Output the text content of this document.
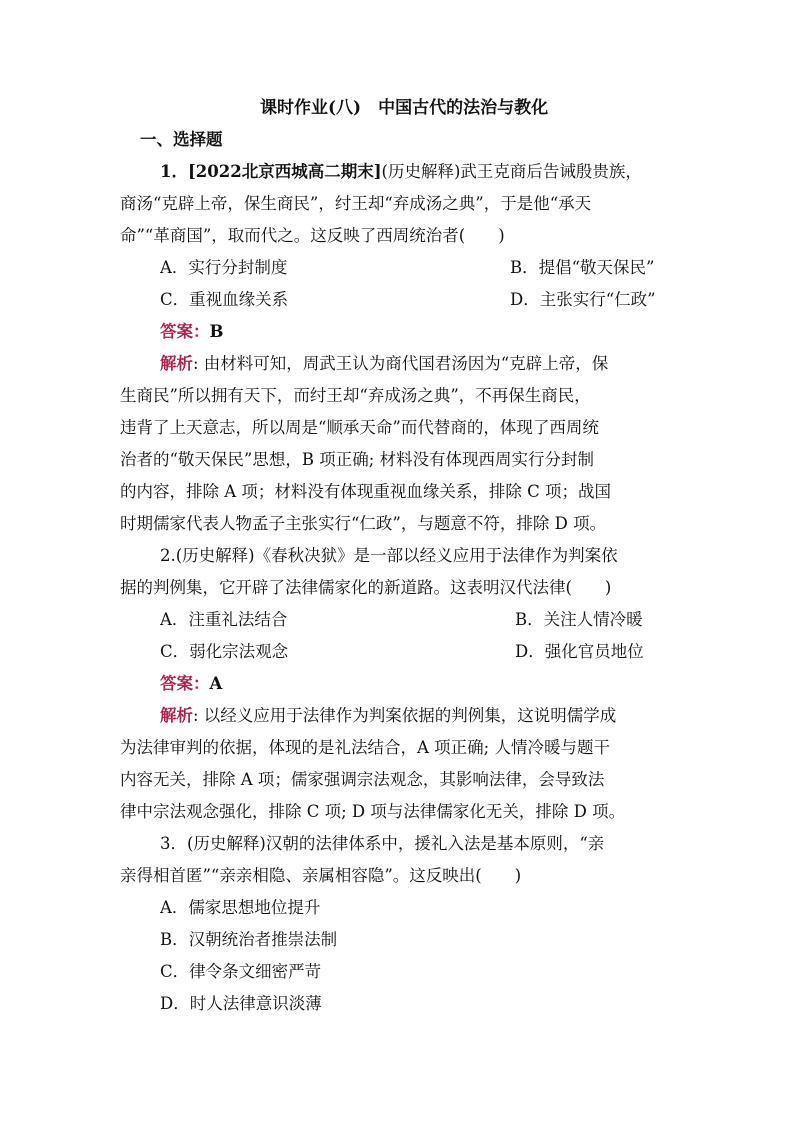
课时作业(八)　中国古代的法治与教化
一、选择题
1．[2022北京西城高二期末](历史解释)武王克商后告诫殷贵族，
商汤“克辟上帝，保生商民”，纣王却“弃成汤之典”，于是他“承天
命”“革商国”，取而代之。这反映了西周统治者(　　)
A．实行分封制度	B．提倡“敬天保民”
C．重视血缘关系	D．主张实行“仁政”
答案：B
解析: 由材料可知，周武王认为商代国君汤因为“克辟上帝，保
生商民”所以拥有天下，而纣王却“弃成汤之典”，不再保生商民，
违背了上天意志，所以周是“顺承天命”而代替商的，体现了西周统
治者的“敬天保民”思想，B 项正确; 材料没有体现西周实行分封制
的内容，排除 A 项；材料没有体现重视血缘关系，排除 C 项；战国
时期儒家代表人物孟子主张实行“仁政”，与题意不符，排除 D 项。
2.(历史解释)《春秋决狱》是一部以经义应用于法律作为判案依
据的判例集，它开辟了法律儒家化的新道路。这表明汉代法律(　　)
A．注重礼法结合	B．关注人情冷暖
C．弱化宗法观念	D．强化官员地位
答案：A
解析: 以经义应用于法律作为判案依据的判例集，这说明儒学成
为法律审判的依据，体现的是礼法结合，A 项正确; 人情冷暖与题干
内容无关，排除 A 项；儒家强调宗法观念，其影响法律，会导致法
律中宗法观念强化，排除 C 项; D 项与法律儒家化无关，排除 D 项。
3．(历史解释)汉朝的法律体系中，援礼入法是基本原则，“亲
亲得相首匿”“亲亲相隐、亲属相容隐”。这反映出(　　)
A．儒家思想地位提升
B．汉朝统治者推崇法制
C．律令条文细密严苛
D．时人法律意识淡薄
